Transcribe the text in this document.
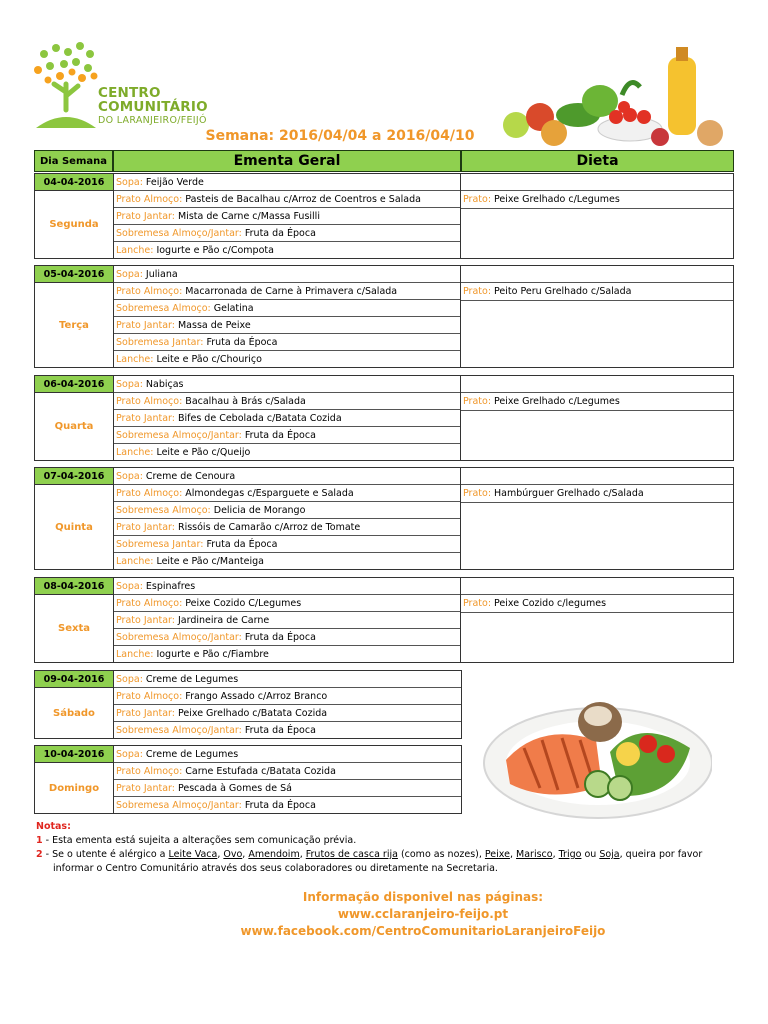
CENTRO
COMUNITÁRIO
DO LARANJEIRO/FEIJÓ
Semana: 2016/04/04 a 2016/04/10
Dia Semana	Ementa Geral	Dieta
04-04-2016
Segunda
Sopa: Feijão Verde
Prato Almoço: Pasteis de Bacalhau c/Arroz de Coentros e Salada
Prato Jantar: Mista de Carne c/Massa Fusilli
Sobremesa Almoço/Jantar: Fruta da Época
Lanche: Iogurte e Pão c/Compota
Prato: Peixe Grelhado c/Legumes
05-04-2016
Terça
Sopa: Juliana
Prato Almoço: Macarronada de Carne à Primavera c/Salada
Sobremesa Almoço: Gelatina
Prato Jantar: Massa de Peixe
Sobremesa Jantar: Fruta da Época
Lanche: Leite e Pão c/Chouriço
Prato: Peito Peru Grelhado c/Salada
06-04-2016
Quarta
Sopa: Nabiças
Prato Almoço: Bacalhau à Brás c/Salada
Prato Jantar: Bifes de Cebolada c/Batata Cozida
Sobremesa Almoço/Jantar: Fruta da Época
Lanche: Leite e Pão c/Queijo
Prato: Peixe Grelhado c/Legumes
07-04-2016
Quinta
Sopa: Creme de Cenoura
Prato Almoço: Almondegas c/Esparguete e Salada
Sobremesa Almoço: Delicia de Morango
Prato Jantar: Rissóis de Camarão c/Arroz de Tomate
Sobremesa Jantar: Fruta da Época
Lanche: Leite e Pão c/Manteiga
Prato: Hambúrguer Grelhado c/Salada
08-04-2016
Sexta
Sopa: Espinafres
Prato Almoço: Peixe Cozido C/Legumes
Prato Jantar: Jardineira de Carne
Sobremesa Almoço/Jantar: Fruta da Época
Lanche: Iogurte e Pão c/Fiambre
Prato: Peixe Cozido c/legumes
09-04-2016
Sábado
Sopa: Creme de Legumes
Prato Almoço: Frango Assado c/Arroz Branco
Prato Jantar: Peixe Grelhado c/Batata Cozida
Sobremesa Almoço/Jantar: Fruta da Época
10-04-2016
Domingo
Sopa: Creme de Legumes
Prato Almoço: Carne Estufada c/Batata Cozida
Prato Jantar: Pescada à Gomes de Sá
Sobremesa Almoço/Jantar: Fruta da Época
Notas:
1 - Esta ementa está sujeita a alterações sem comunicação prévia.
2 - Se o utente é alérgico a Leite Vaca, Ovo, Amendoim, Frutos de casca rija (como as nozes), Peixe, Marisco, Trigo ou Soja, queira por favor
informar o Centro Comunitário através dos seus colaboradores ou diretamente na Secretaria.
Informação disponivel nas páginas:
www.cclaranjeiro-feijo.pt
www.facebook.com/CentroComunitarioLaranjeiroFeijo
